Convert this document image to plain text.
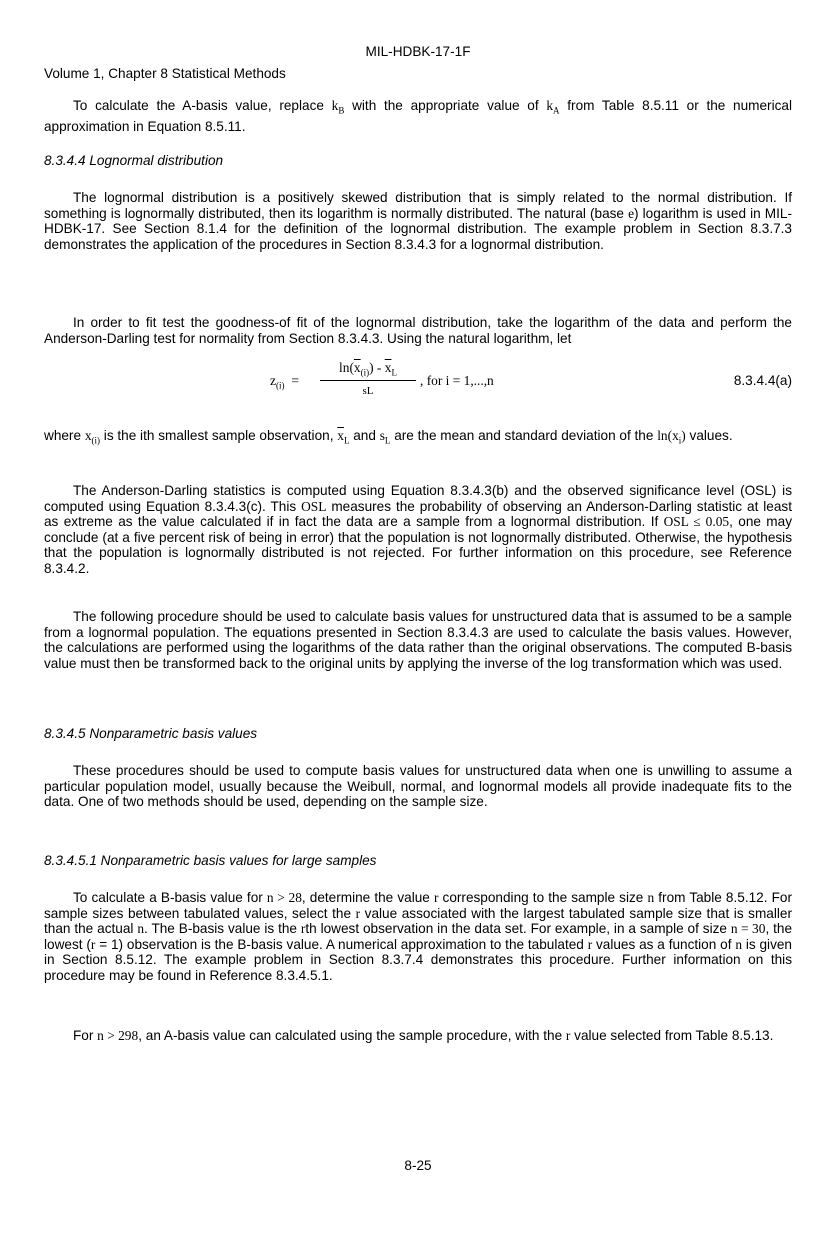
MIL-HDBK-17-1F
Volume 1, Chapter 8 Statistical Methods

To calculate the A-basis value, replace $k_B$ with the appropriate value of $k_A$ from Table 8.5.11 or the numerical approximation in Equation 8.5.11.

8.3.4.4 Lognormal distribution

The lognormal distribution is a positively skewed distribution that is simply related to the normal distribution. If something is lognormally distributed, then its logarithm is normally distributed. The natural (base e) logarithm is used in MIL-HDBK-17. See Section 8.1.4 for the definition of the lognormal distribution. The example problem in Section 8.3.7.3 demonstrates the application of the procedures in Section 8.3.4.3 for a lognormal distribution.

In order to fit test the goodness-of fit of the lognormal distribution, take the logarithm of the data and perform the Anderson-Darling test for normality from Section 8.3.4.3. Using the natural logarithm, let

$z_{(i)}$ =
$\ln(\overline{x}_{(i)}) - \overline{x}_L$
sL
, for i = 1,...,n	8.3.4.4(a)

where $x_{(i)}$ is the ith smallest sample observation, $\overline{x}_L$ and $s_L$ are the mean and standard deviation of the $\ln(x_i)$ values.

The Anderson-Darling statistics is computed using Equation 8.3.4.3(b) and the observed significance level (OSL) is computed using Equation 8.3.4.3(c). This OSL measures the probability of observing an Anderson-Darling statistic at least as extreme as the value calculated if in fact the data are a sample from a lognormal distribution. If OSL ≤ 0.05, one may conclude (at a five percent risk of being in error) that the population is not lognormally distributed. Otherwise, the hypothesis that the population is lognormally distributed is not rejected. For further information on this procedure, see Reference 8.3.4.2.

The following procedure should be used to calculate basis values for unstructured data that is assumed to be a sample from a lognormal population. The equations presented in Section 8.3.4.3 are used to calculate the basis values. However, the calculations are performed using the logarithms of the data rather than the original observations. The computed B-basis value must then be transformed back to the original units by applying the inverse of the log transformation which was used.

8.3.4.5 Nonparametric basis values

These procedures should be used to compute basis values for unstructured data when one is unwilling to assume a particular population model, usually because the Weibull, normal, and lognormal models all provide inadequate fits to the data. One of two methods should be used, depending on the sample size.

8.3.4.5.1 Nonparametric basis values for large samples

To calculate a B-basis value for n > 28, determine the value r corresponding to the sample size n from Table 8.5.12. For sample sizes between tabulated values, select the r value associated with the largest tabulated sample size that is smaller than the actual n. The B-basis value is the rth lowest observation in the data set. For example, in a sample of size n = 30, the lowest (r = 1) observation is the B-basis value. A numerical approximation to the tabulated r values as a function of n is given in Section 8.5.12. The example problem in Section 8.3.7.4 demonstrates this procedure. Further information on this procedure may be found in Reference 8.3.4.5.1.

For n > 298, an A-basis value can calculated using the sample procedure, with the r value selected from Table 8.5.13.

8-25
